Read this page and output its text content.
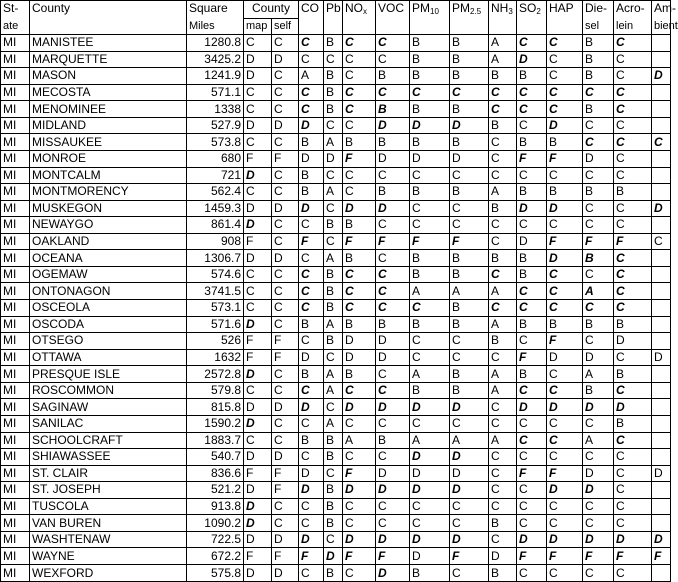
St-	County	Square	County		CO	Pb	$NO_x$	VOC	$PM_{10}$	$PM_{2.5}$	$NH_3$	$SO_2$	HAP	Die-	Acro-	Am-
ate		Miles	map	self										sel	lein	bient
MI	MANISTEE	1280.8	C	C	C	B	C	C	B	B	A	C	C	B	C	
MI	MARQUETTE	3425.2	D	D	C	C	C	C	B	B	A	D	C	B	C	
MI	MASON	1241.9	D	C	A	B	C	B	B	B	B	B	C	B	C	D
MI	MECOSTA	571.1	C	C	C	B	C	C	C	C	C	C	C	C	C	
MI	MENOMINEE	1338	C	C	C	B	C	B	B	B	C	C	C	B	C	
MI	MIDLAND	527.9	D	D	D	C	C	D	D	D	B	C	D	C	C	
MI	MISSAUKEE	573.8	C	C	B	A	B	B	B	B	C	B	B	C	C	C
MI	MONROE	680	F	F	D	D	F	D	D	D	C	F	F	D	C	
MI	MONTCALM	721	D	C	B	C	C	C	C	C	C	C	C	C	C	
MI	MONTMORENCY	562.4	C	C	B	A	C	B	B	B	A	B	B	B	B	
MI	MUSKEGON	1459.3	D	D	D	C	D	D	C	C	B	D	D	C	C	D
MI	NEWAYGO	861.4	D	C	C	B	B	C	C	C	C	C	C	C	C	
MI	OAKLAND	908	F	C	F	C	F	F	F	F	C	D	F	F	F	C
MI	OCEANA	1306.7	D	D	C	A	B	C	B	B	B	B	D	B	C	
MI	OGEMAW	574.6	C	C	C	B	C	C	B	B	C	B	C	C	C	
MI	ONTONAGON	3741.5	C	C	C	B	C	C	A	A	A	C	C	A	C	
MI	OSCEOLA	573.1	C	C	C	B	C	C	C	B	C	C	C	C	C	
MI	OSCODA	571.6	D	C	B	A	B	B	B	B	A	B	B	B	B	
MI	OTSEGO	526	F	F	C	B	D	D	C	C	B	C	F	C	D	
MI	OTTAWA	1632	F	F	D	C	D	D	C	C	C	F	D	D	C	D
MI	PRESQUE ISLE	2572.8	D	C	B	A	B	C	A	B	A	B	C	A	B	
MI	ROSCOMMON	579.8	C	C	C	A	C	C	B	B	A	C	C	B	C	
MI	SAGINAW	815.8	D	D	D	C	D	D	D	D	C	D	D	D	D	
MI	SANILAC	1590.2	D	C	C	A	C	C	C	C	C	C	C	C	B	
MI	SCHOOLCRAFT	1883.7	C	C	B	B	A	B	A	A	A	C	C	A	C	
MI	SHIAWASSEE	540.7	D	D	C	B	C	C	D	D	C	C	C	C	C	
MI	ST. CLAIR	836.6	F	F	D	C	F	D	D	D	C	F	F	D	C	D
MI	ST. JOSEPH	521.2	D	F	D	B	D	D	D	D	C	C	D	D	C	
MI	TUSCOLA	913.8	D	C	C	B	C	C	C	C	C	C	C	C	C	
MI	VAN BUREN	1090.2	D	C	C	B	C	C	C	C	B	C	C	C	C	
MI	WASHTENAW	722.5	D	D	D	C	D	D	D	D	C	D	D	D	D	D
MI	WAYNE	672.2	F	F	F	D	F	F	D	F	D	F	F	F	F	F
MI	WEXFORD	575.8	D	D	C	B	C	D	B	C	B	C	C	C	C	
